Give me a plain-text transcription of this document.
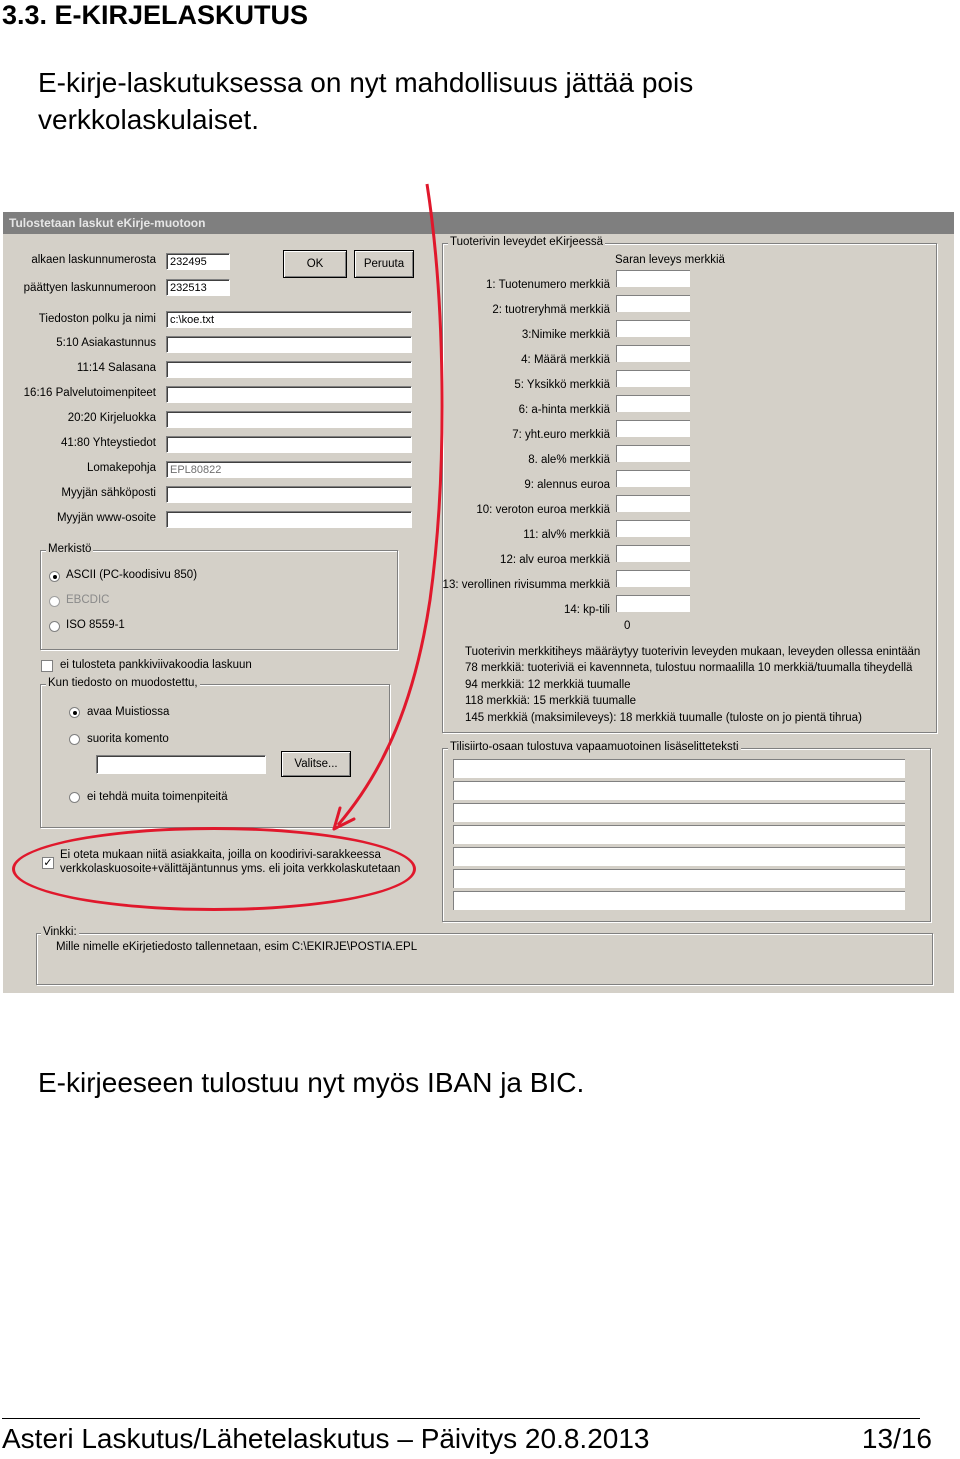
3.3. E-KIRJELASKUTUS
E-kirje-laskutuksessa on nyt mahdollisuus jättää pois
verkkolaskulaiset.
Tulostetaan laskut eKirje-muotoon
alkaen laskunnumerosta	232495
päättyen laskunnumeroon	232513
Tiedoston polku ja nimi	c:\koe.txt
5:10 Asiakastunnus
11:14 Salasana
16:16 Palvelutoimenpiteet
20:20 Kirjeluokka
41:80 Yhteystiedot
Lomakepohja	EPL80822
Myyjän sähköposti
Myyjän www-osoite
OK	Peruuta
Merkistö
ASCII (PC-koodisivu 850)
EBCDIC
ISO 8559-1
ei tulosteta pankkiviivakoodia laskuun
Kun tiedosto on muodostettu,
avaa Muistiossa
suorita komento
Valitse...
ei tehdä muita toimenpiteitä
✓
Ei oteta mukaan niitä asiakkaita, joilla on koodirivi-sarakkeessa
verkkolaskuosoite+välittäjäntunnus yms. eli joita verkkolaskutetaan
Tuoterivin leveydet eKirjeessä
Saran leveys merkkiä
1: Tuotenumero merkkiä
2: tuotreryhmä merkkiä
3:Nimike merkkiä
4: Määrä merkkiä
5: Yksikkö merkkiä
6: a-hinta merkkiä
7: yht.euro merkkiä
8. ale% merkkiä
9: alennus euroa
10: veroton euroa merkkiä
11: alv% merkkiä
12: alv euroa merkkiä
13: verollinen rivisumma merkkiä
14: kp-tili
0
Tuoterivin merkkitiheys määräytyy tuoterivin leveyden mukaan, leveyden ollessa enintään
78 merkkiä: tuoteriviä ei kavennneta, tulostuu normaalilla 10 merkkiä/tuumalla tiheydellä
94 merkkiä: 12 merkkiä tuumalle
118 merkkiä: 15 merkkiä tuumalle
145 merkkiä (maksimileveys): 18 merkkiä tuumalle (tuloste on jo pientä tihrua)
Tilisiirto-osaan tulostuva vapaamuotoinen lisäselitteteksti
Vinkki:
Mille nimelle eKirjetiedosto tallennetaan, esim C:\EKIRJE\POSTIA.EPL
E-kirjeeseen tulostuu nyt myös IBAN ja BIC.
Asteri Laskutus/Lähetelaskutus – Päivitys 20.8.2013	13/16
